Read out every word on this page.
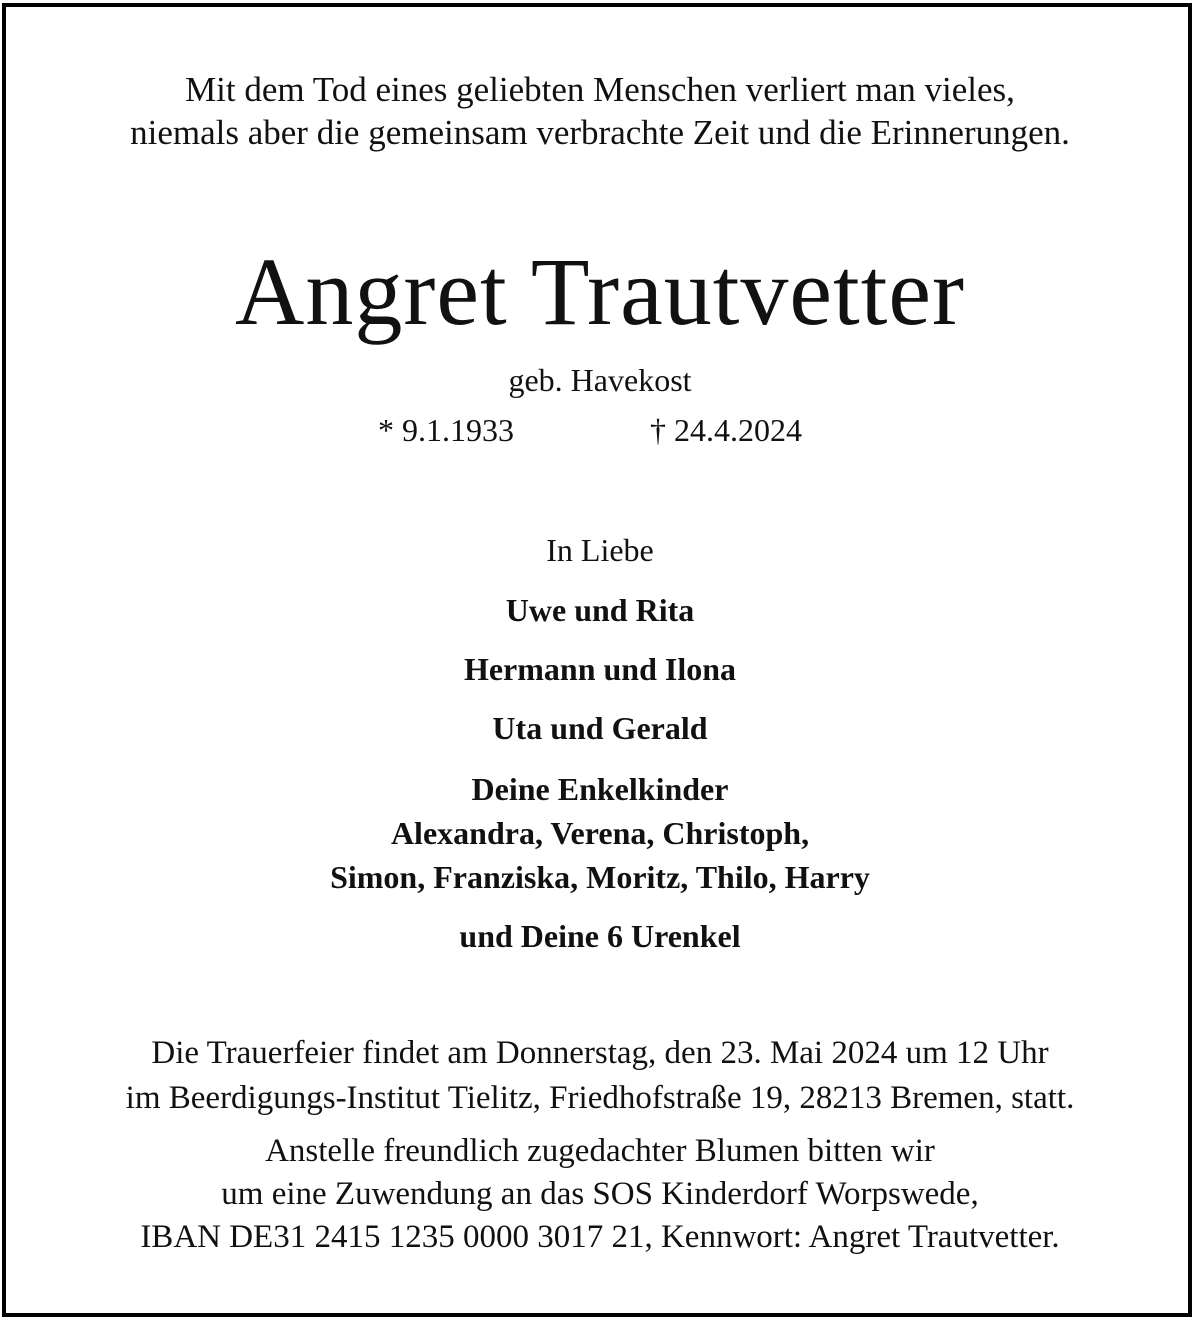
Mit dem Tod eines geliebten Menschen verliert man vieles,
niemals aber die gemeinsam verbrachte Zeit und die Erinnerungen.
Angret Trautvetter
geb. Havekost
* 9.1.1933	† 24.4.2024
In Liebe
Uwe und Rita
Hermann und Ilona
Uta und Gerald
Deine Enkelkinder
Alexandra, Verena, Christoph,
Simon, Franziska, Moritz, Thilo, Harry
und Deine 6 Urenkel
Die Trauerfeier findet am Donnerstag, den 23. Mai 2024 um 12 Uhr
im Beerdigungs-Institut Tielitz, Friedhofstraße 19, 28213 Bremen, statt.
Anstelle freundlich zugedachter Blumen bitten wir
um eine Zuwendung an das SOS Kinderdorf Worpswede,
IBAN DE31 2415 1235 0000 3017 21, Kennwort: Angret Trautvetter.
